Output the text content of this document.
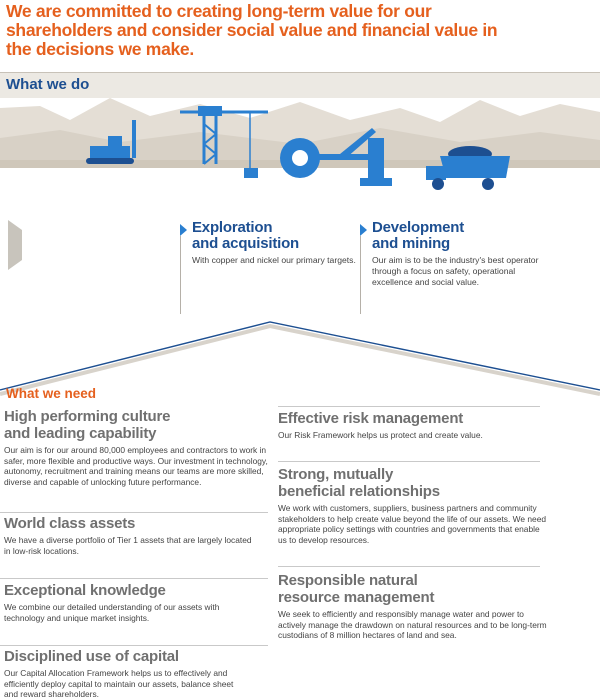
We are committed to creating long-term value for our shareholders and consider social value and financial value in the decisions we make.
What we do
Exploration
and acquisition
With copper and nickel our primary targets.
Development
and mining
Our aim is to be the industry's best operator
through a focus on safety, operational
excellence and social value.
What we need
High performing culture
and leading capability
Our aim is for our around 80,000 employees and contractors to work in
safer, more flexible and productive ways. Our investment in technology,
autonomy, recruitment and training means our teams are more skilled,
diverse and capable of unlocking future performance.
World class assets
We have a diverse portfolio of Tier 1 assets that are largely located
in low-risk locations.
Exceptional knowledge
We combine our detailed understanding of our assets with
technology and unique market insights.
Disciplined use of capital
Our Capital Allocation Framework helps us to effectively and
efficiently deploy capital to maintain our assets, balance sheet
and reward shareholders.
Effective risk management
Our Risk Framework helps us protect and create value.
Strong, mutually
beneficial relationships
We work with customers, suppliers, business partners and community
stakeholders to help create value beyond the life of our assets. We need
appropriate policy settings with countries and governments that enable
us to develop resources.
Responsible natural
resource management
We seek to efficiently and responsibly manage water and power to
actively manage the drawdown on natural resources and to be long-term
custodians of 8 million hectares of land and sea.
